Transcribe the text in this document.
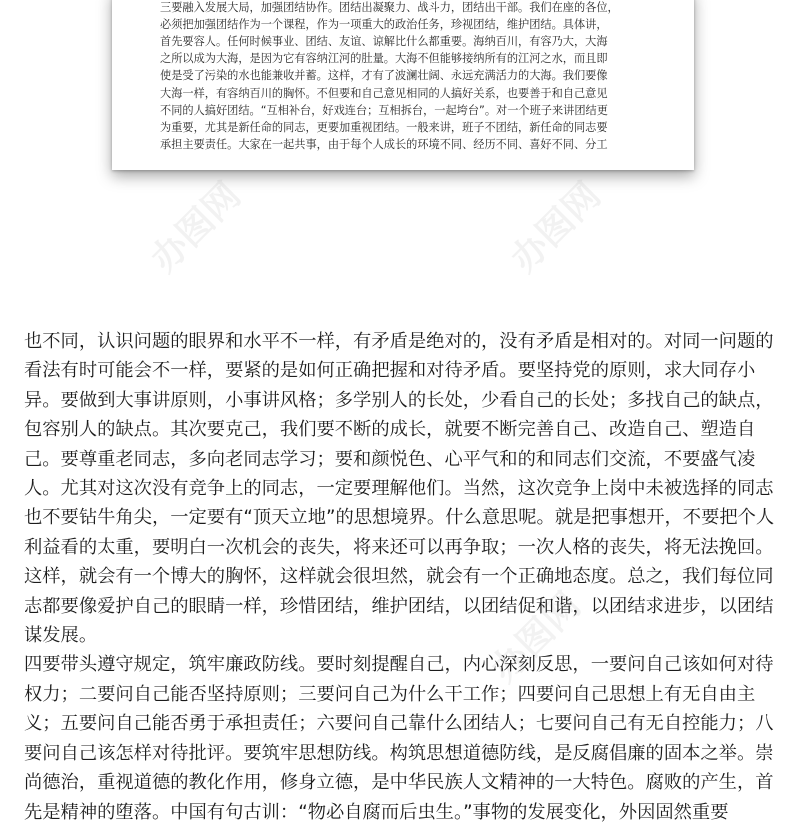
三要融入发展大局，加强团结协作。团结出凝聚力、战斗力，团结出干部。我们在座的各位，

必须把加强团结作为一个课程，作为一项重大的政治任务，珍视团结，维护团结。具体讲，

首先要容人。任何时候事业、团结、友谊、谅解比什么都重要。海纳百川，有容乃大，大海

之所以成为大海，是因为它有容纳江河的肚量。大海不但能够接纳所有的江河之水，而且即

使是受了污染的水也能兼收并蓄。这样，才有了波澜壮阔、永远充满活力的大海。我们要像

大海一样，有容纳百川的胸怀。不但要和自己意见相同的人搞好关系，也要善于和自己意见

不同的人搞好团结。“互相补台，好戏连台；互相拆台，一起垮台”。对一个班子来讲团结更

为重要，尤其是新任命的同志，更要加重视团结。一般来讲，班子不团结，新任命的同志要

承担主要责任。大家在一起共事，由于每个人成长的环境不同、经历不同、喜好不同、分工

办图网

也不同，认识问题的眼界和水平不一样，有矛盾是绝对的，没有矛盾是相对的。对同一问题的看法有时可能会不一样，要紧的是如何正确把握和对待矛盾。要坚持党的原则，求大同存小异。要做到大事讲原则，小事讲风格；多学别人的长处，少看自己的长处；多找自己的缺点，包容别人的缺点。其次要克己，我们要不断的成长，就要不断完善自己、改造自己、塑造自己。要尊重老同志，多向老同志学习；要和颜悦色、心平气和的和同志们交流，不要盛气凌人。尤其对这次没有竞争上的同志，一定要理解他们。当然，这次竞争上岗中未被选择的同志也不要钻牛角尖，一定要有“顶天立地”的思想境界。什么意思呢。就是把事想开，不要把个人利益看的太重，要明白一次机会的丧失，将来还可以再争取；一次人格的丧失，将无法挽回。这样，就会有一个博大的胸怀，这样就会很坦然，就会有一个正确地态度。总之，我们每位同志都要像爱护自己的眼睛一样，珍惜团结，维护团结，以团结促和谐，以团结求进步，以团结谋发展。

四要带头遵守规定，筑牢廉政防线。要时刻提醒自己，内心深刻反思，一要问自己该如何对待权力；二要问自己能否坚持原则；三要问自己为什么干工作；四要问自己思想上有无自由主义；五要问自己能否勇于承担责任；六要问自己靠什么团结人；七要问自己有无自控能力；八要问自己该怎样对待批评。要筑牢思想防线。构筑思想道德防线，是反腐倡廉的固本之举。崇尚德治，重视道德的教化作用，修身立德，是中华民族人文精神的一大特色。腐败的产生，首先是精神的堕落。中国有句古训：“物必自腐而后虫生。”事物的发展变化，外因固然重要
